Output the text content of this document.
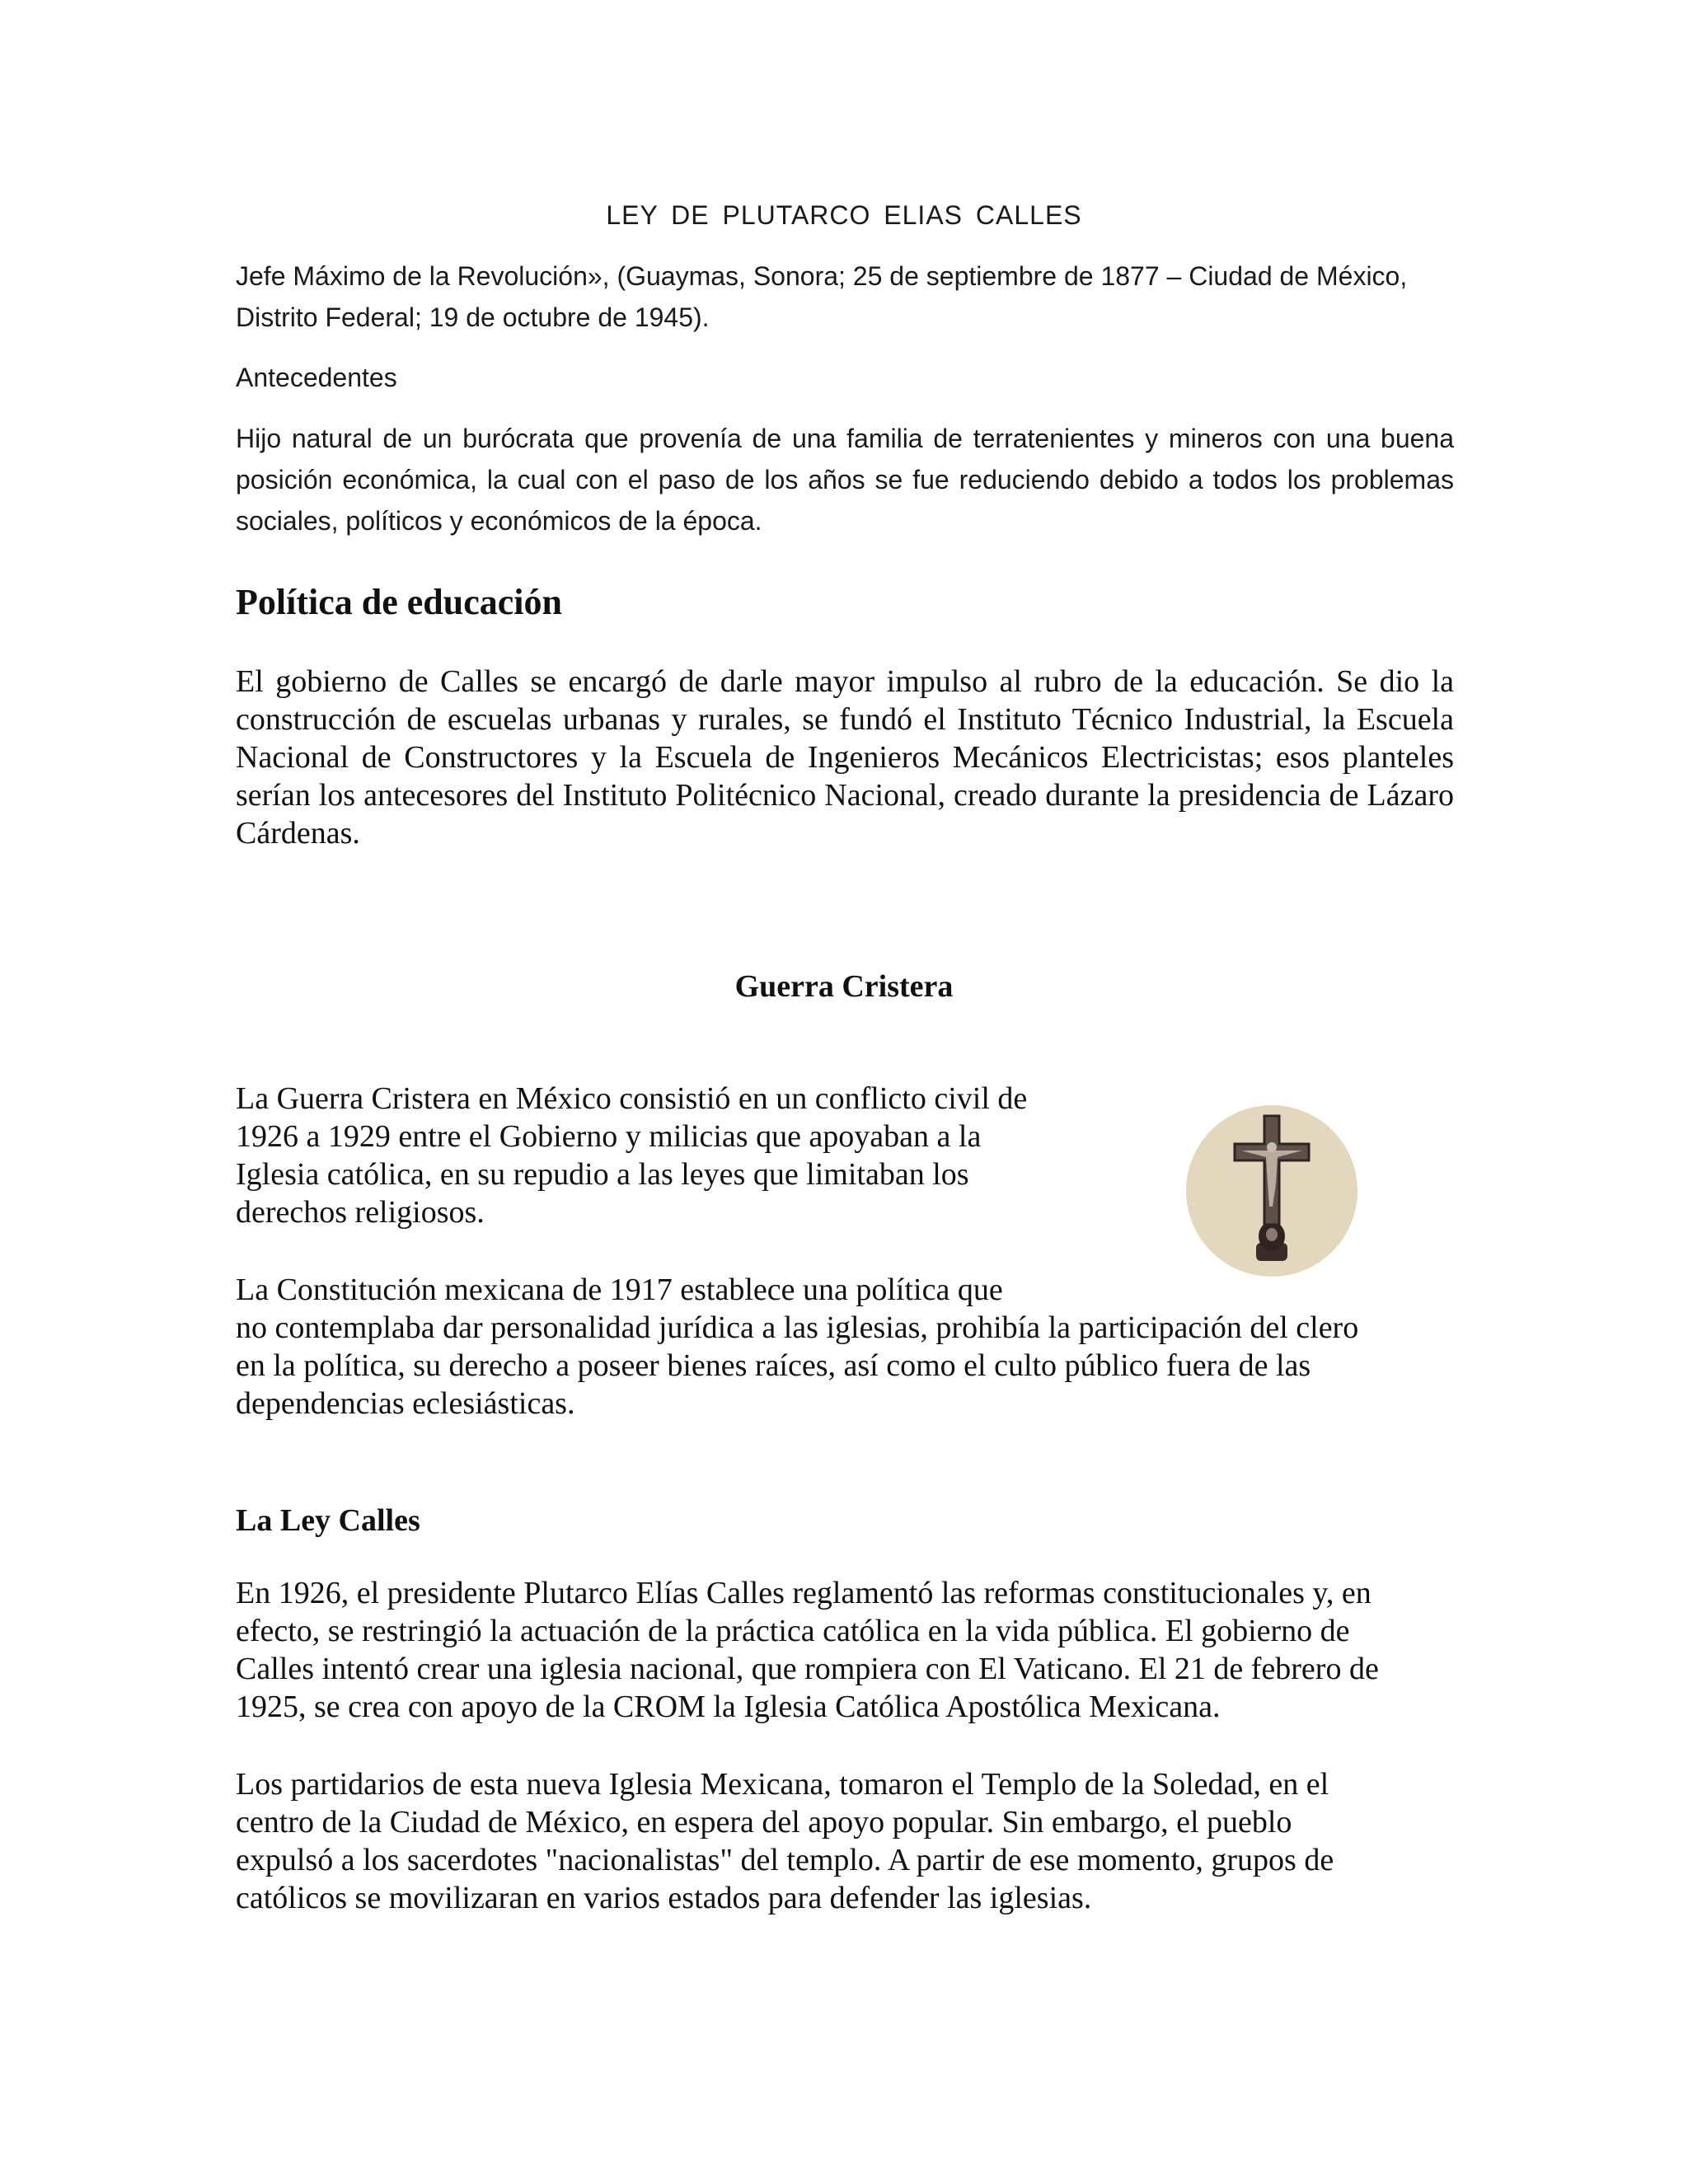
LEY DE PLUTARCO ELIAS CALLES

Jefe Máximo de la Revolución», (Guaymas, Sonora; 25 de septiembre de 1877 – Ciudad de México, Distrito Federal; 19 de octubre de 1945).

Antecedentes

Hijo natural de un burócrata que provenía de una familia de terratenientes y mineros con una buena posición económica, la cual con el paso de los años se fue reduciendo debido a todos los problemas sociales, políticos y económicos de la época.

Política de educación

El gobierno de Calles se encargó de darle mayor impulso al rubro de la educación. Se dio la construcción de escuelas urbanas y rurales, se fundó el Instituto Técnico Industrial, la Escuela Nacional de Constructores y la Escuela de Ingenieros Mecánicos Electricistas; esos planteles serían los antecesores del Instituto Politécnico Nacional, creado durante la presidencia de Lázaro Cárdenas.

Guerra Cristera
La Guerra Cristera en México consistió en un conflicto civil de
1926 a 1929 entre el Gobierno y milicias que apoyaban a la
Iglesia católica, en su repudio a las leyes que limitaban los
derechos religiosos.
La Constitución mexicana de 1917 establece una política que
no contemplaba dar personalidad jurídica a las iglesias, prohibía la participación del clero
en la política, su derecho a poseer bienes raíces, así como el culto público fuera de las
dependencias eclesiásticas.
La Ley Calles
En 1926, el presidente Plutarco Elías Calles reglamentó las reformas constitucionales y, en
efecto, se restringió la actuación de la práctica católica en la vida pública. El gobierno de
Calles intentó crear una iglesia nacional, que rompiera con El Vaticano. El 21 de febrero de
1925, se crea con apoyo de la CROM la Iglesia Católica Apostólica Mexicana.
Los partidarios de esta nueva Iglesia Mexicana, tomaron el Templo de la Soledad, en el
centro de la Ciudad de México, en espera del apoyo popular. Sin embargo, el pueblo
expulsó a los sacerdotes "nacionalistas" del templo. A partir de ese momento, grupos de
católicos se movilizaran en varios estados para defender las iglesias.
